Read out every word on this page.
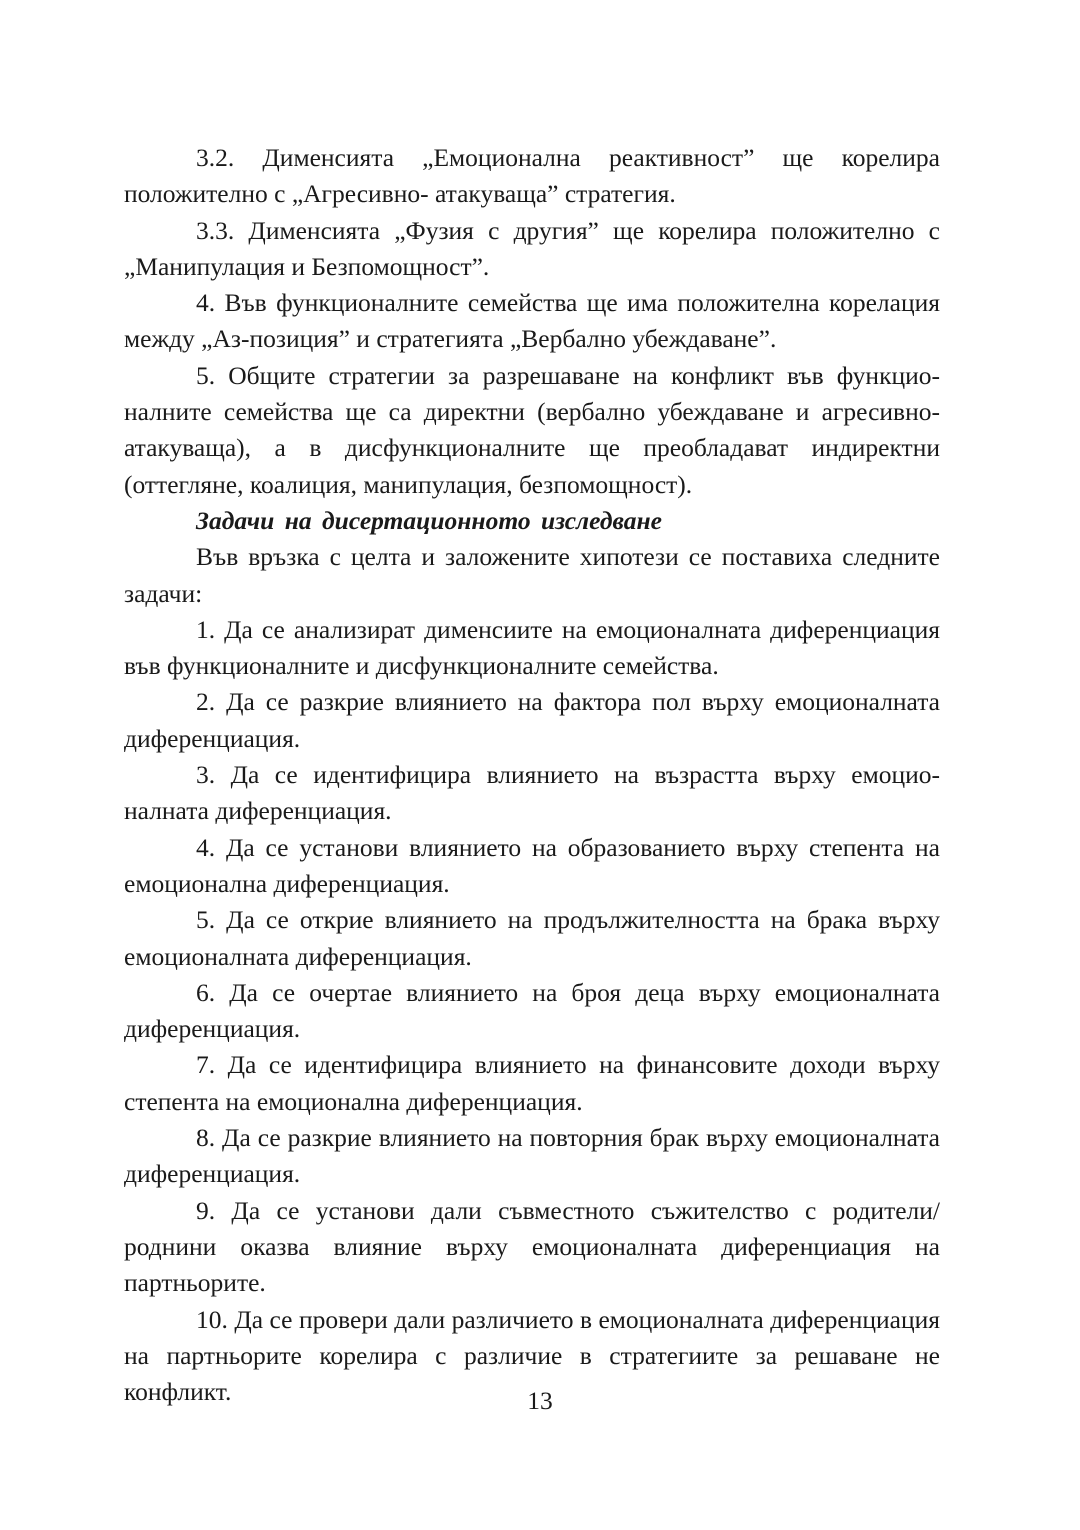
3.2. Дименсията „Емоционална реактивност” ще корелира положително с „Агресивно- атакуваща” стратегия.

3.3. Дименсията „Фузия с другия” ще корелира положително с „Манипулация и Безпомощност”.

4. Във функционалните семейства ще има положителна корелация между „Аз-позиция” и стратегията „Вербално убеждаване”.

5. Общите стратегии за разрешаване на конфликт във функционалните семейства ще са директни (вербално убеждаване и агресивно-атакуваща), а в дисфункционалните ще преобладават индиректни (оттегляне, коалиция, манипулация, безпомощност).

Задачи на дисертационното изследване

Във връзка с целта и заложените хипотези се поставиха следните задачи:

1. Да се анализират дименсиите на емоционалната диференциация във функционалните и дисфункционалните семейства.

2. Да се разкрие влиянието на фактора пол върху емоционалната диференциация.

3. Да се идентифицира влиянието на възрастта върху емоционалната диференциация.

4. Да се установи влиянието на образованието върху степента на емоционална диференциация.

5. Да се открие влиянието на продължителността на брака върху емоционалната диференциация.

6. Да се очертае влиянието на броя деца върху емоционалната диференциация.

7. Да се идентифицира влиянието на финансовите доходи върху степента на емоционална диференциация.

8. Да се разкрие влиянието на повторния брак върху емоционалната диференциация.

9. Да се установи дали съвместното съжителство с родители/ роднини оказва влияние върху емоционалната диференциация на партньорите.

10. Да се провери дали различието в емоционалната диференциация на партньорите корелира с различие в стратегиите за решаване не конфликт.	13
